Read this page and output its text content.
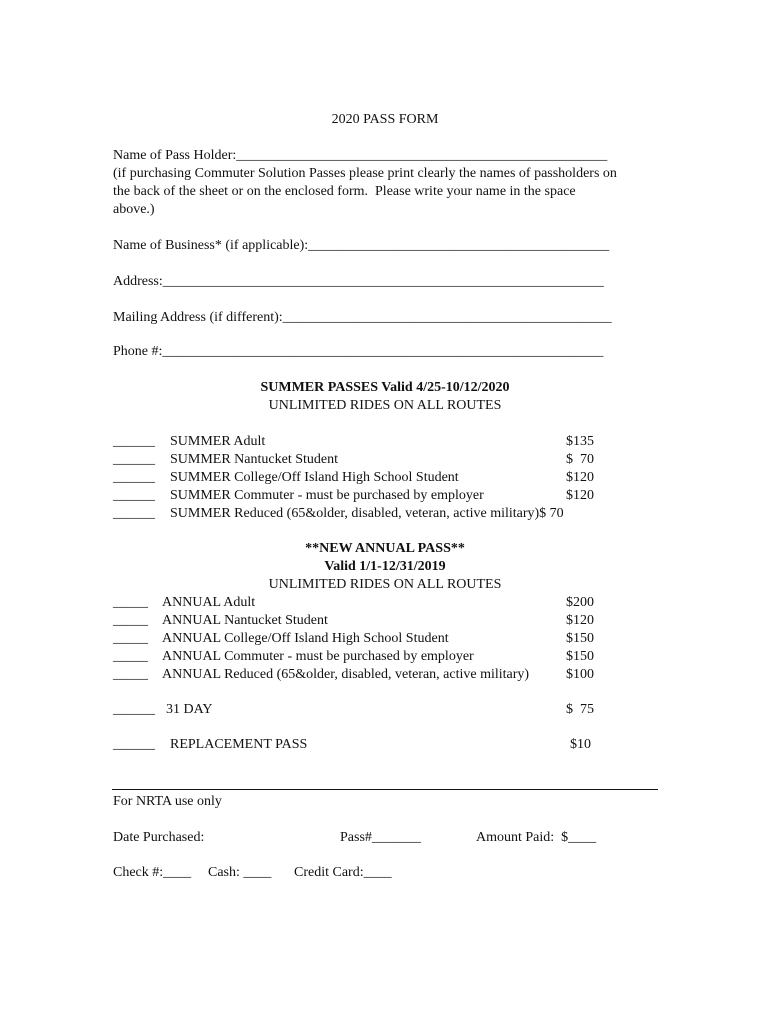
2020 PASS FORM
Name of Pass Holder:_____________________________________________________
(if purchasing Commuter Solution Passes please print clearly the names of passholders on
the back of the sheet or on the enclosed form.  Please write your name in the space
above.)
Name of Business* (if applicable):___________________________________________
Address:_______________________________________________________________
Mailing Address (if different):_______________________________________________
Phone #:_______________________________________________________________
SUMMER PASSES Valid 4/25-10/12/2020
UNLIMITED RIDES ON ALL ROUTES
______ SUMMER Adult	$135
______ SUMMER Nantucket Student	$  70
______ SUMMER College/Off Island High School Student	$120
______ SUMMER Commuter - must be purchased by employer	$120
______ SUMMER Reduced (65&older, disabled, veteran, active military)$ 70
**NEW ANNUAL PASS**
Valid 1/1-12/31/2019
UNLIMITED RIDES ON ALL ROUTES
_____ ANNUAL Adult	$200
_____ ANNUAL Nantucket Student	$120
_____ ANNUAL College/Off Island High School Student	$150
_____ ANNUAL Commuter - must be purchased by employer	$150
_____ ANNUAL Reduced (65&older, disabled, veteran, active military)	$100
______ 31 DAY	$  75
______ REPLACEMENT PASS	$10
For NRTA use only
Date Purchased:	Pass#_______	Amount Paid:  $____
Check #:____ Cash: ____ Credit Card:____
